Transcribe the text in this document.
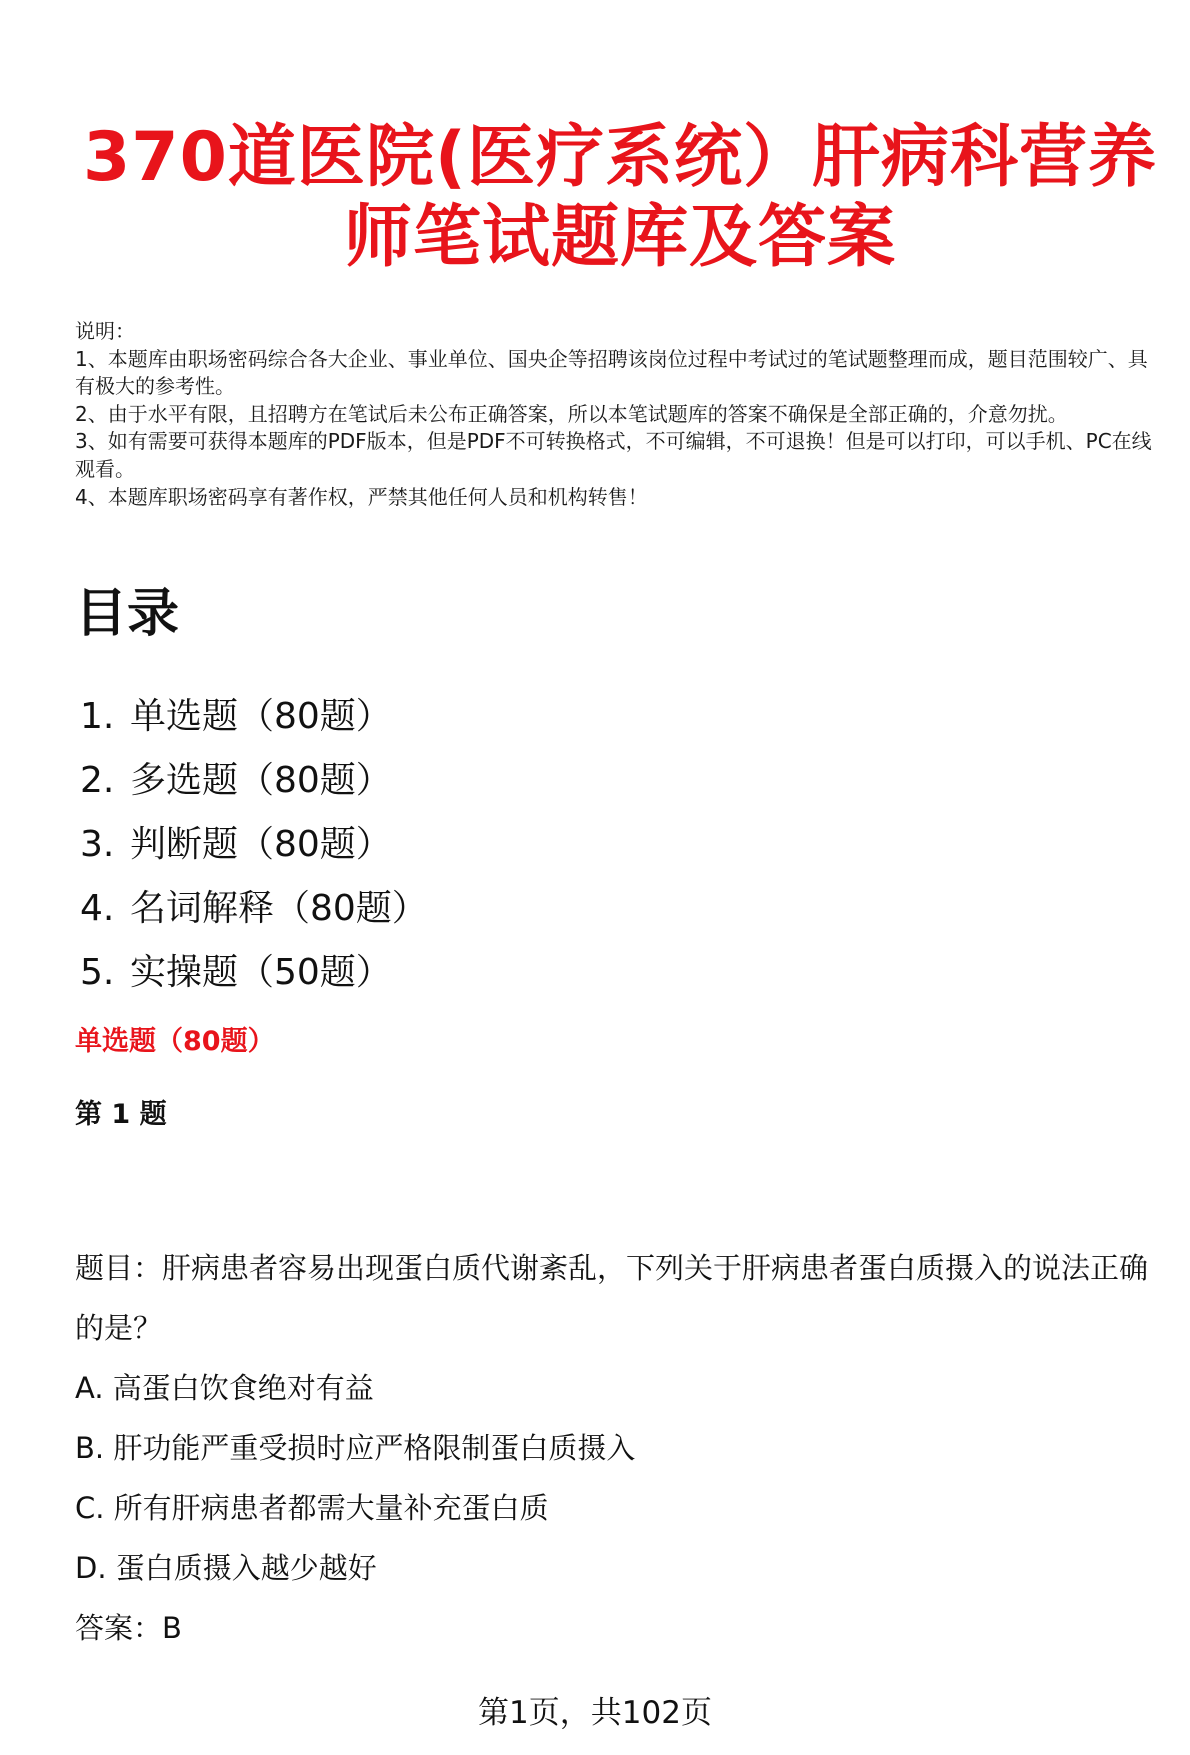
370道医院(医疗系统）肝病科营养
师笔试题库及答案
说明：
1、本题库由职场密码综合各大企业、事业单位、国央企等招聘该岗位过程中考试过的笔试题整理而成，题目范围较广、具有极大的参考性。
2、由于水平有限，且招聘方在笔试后未公布正确答案，所以本笔试题库的答案不确保是全部正确的，介意勿扰。
3、如有需要可获得本题库的PDF版本，但是PDF不可转换格式，不可编辑，不可退换！但是可以打印，可以手机、PC在线观看。
4、本题库职场密码享有著作权，严禁其他任何人员和机构转售！
目录
1. 单选题（80题）
2. 多选题（80题）
3. 判断题（80题）
4. 名词解释（80题）
5. 实操题（50题）
单选题（80题）
第 1 题

题目：肝病患者容易出现蛋白质代谢紊乱，下列关于肝病患者蛋白质摄入的说法正确的是？

A. 高蛋白饮食绝对有益
B. 肝功能严重受损时应严格限制蛋白质摄入
C. 所有肝病患者都需大量补充蛋白质
D. 蛋白质摄入越少越好
答案： B
第1页，共102页
